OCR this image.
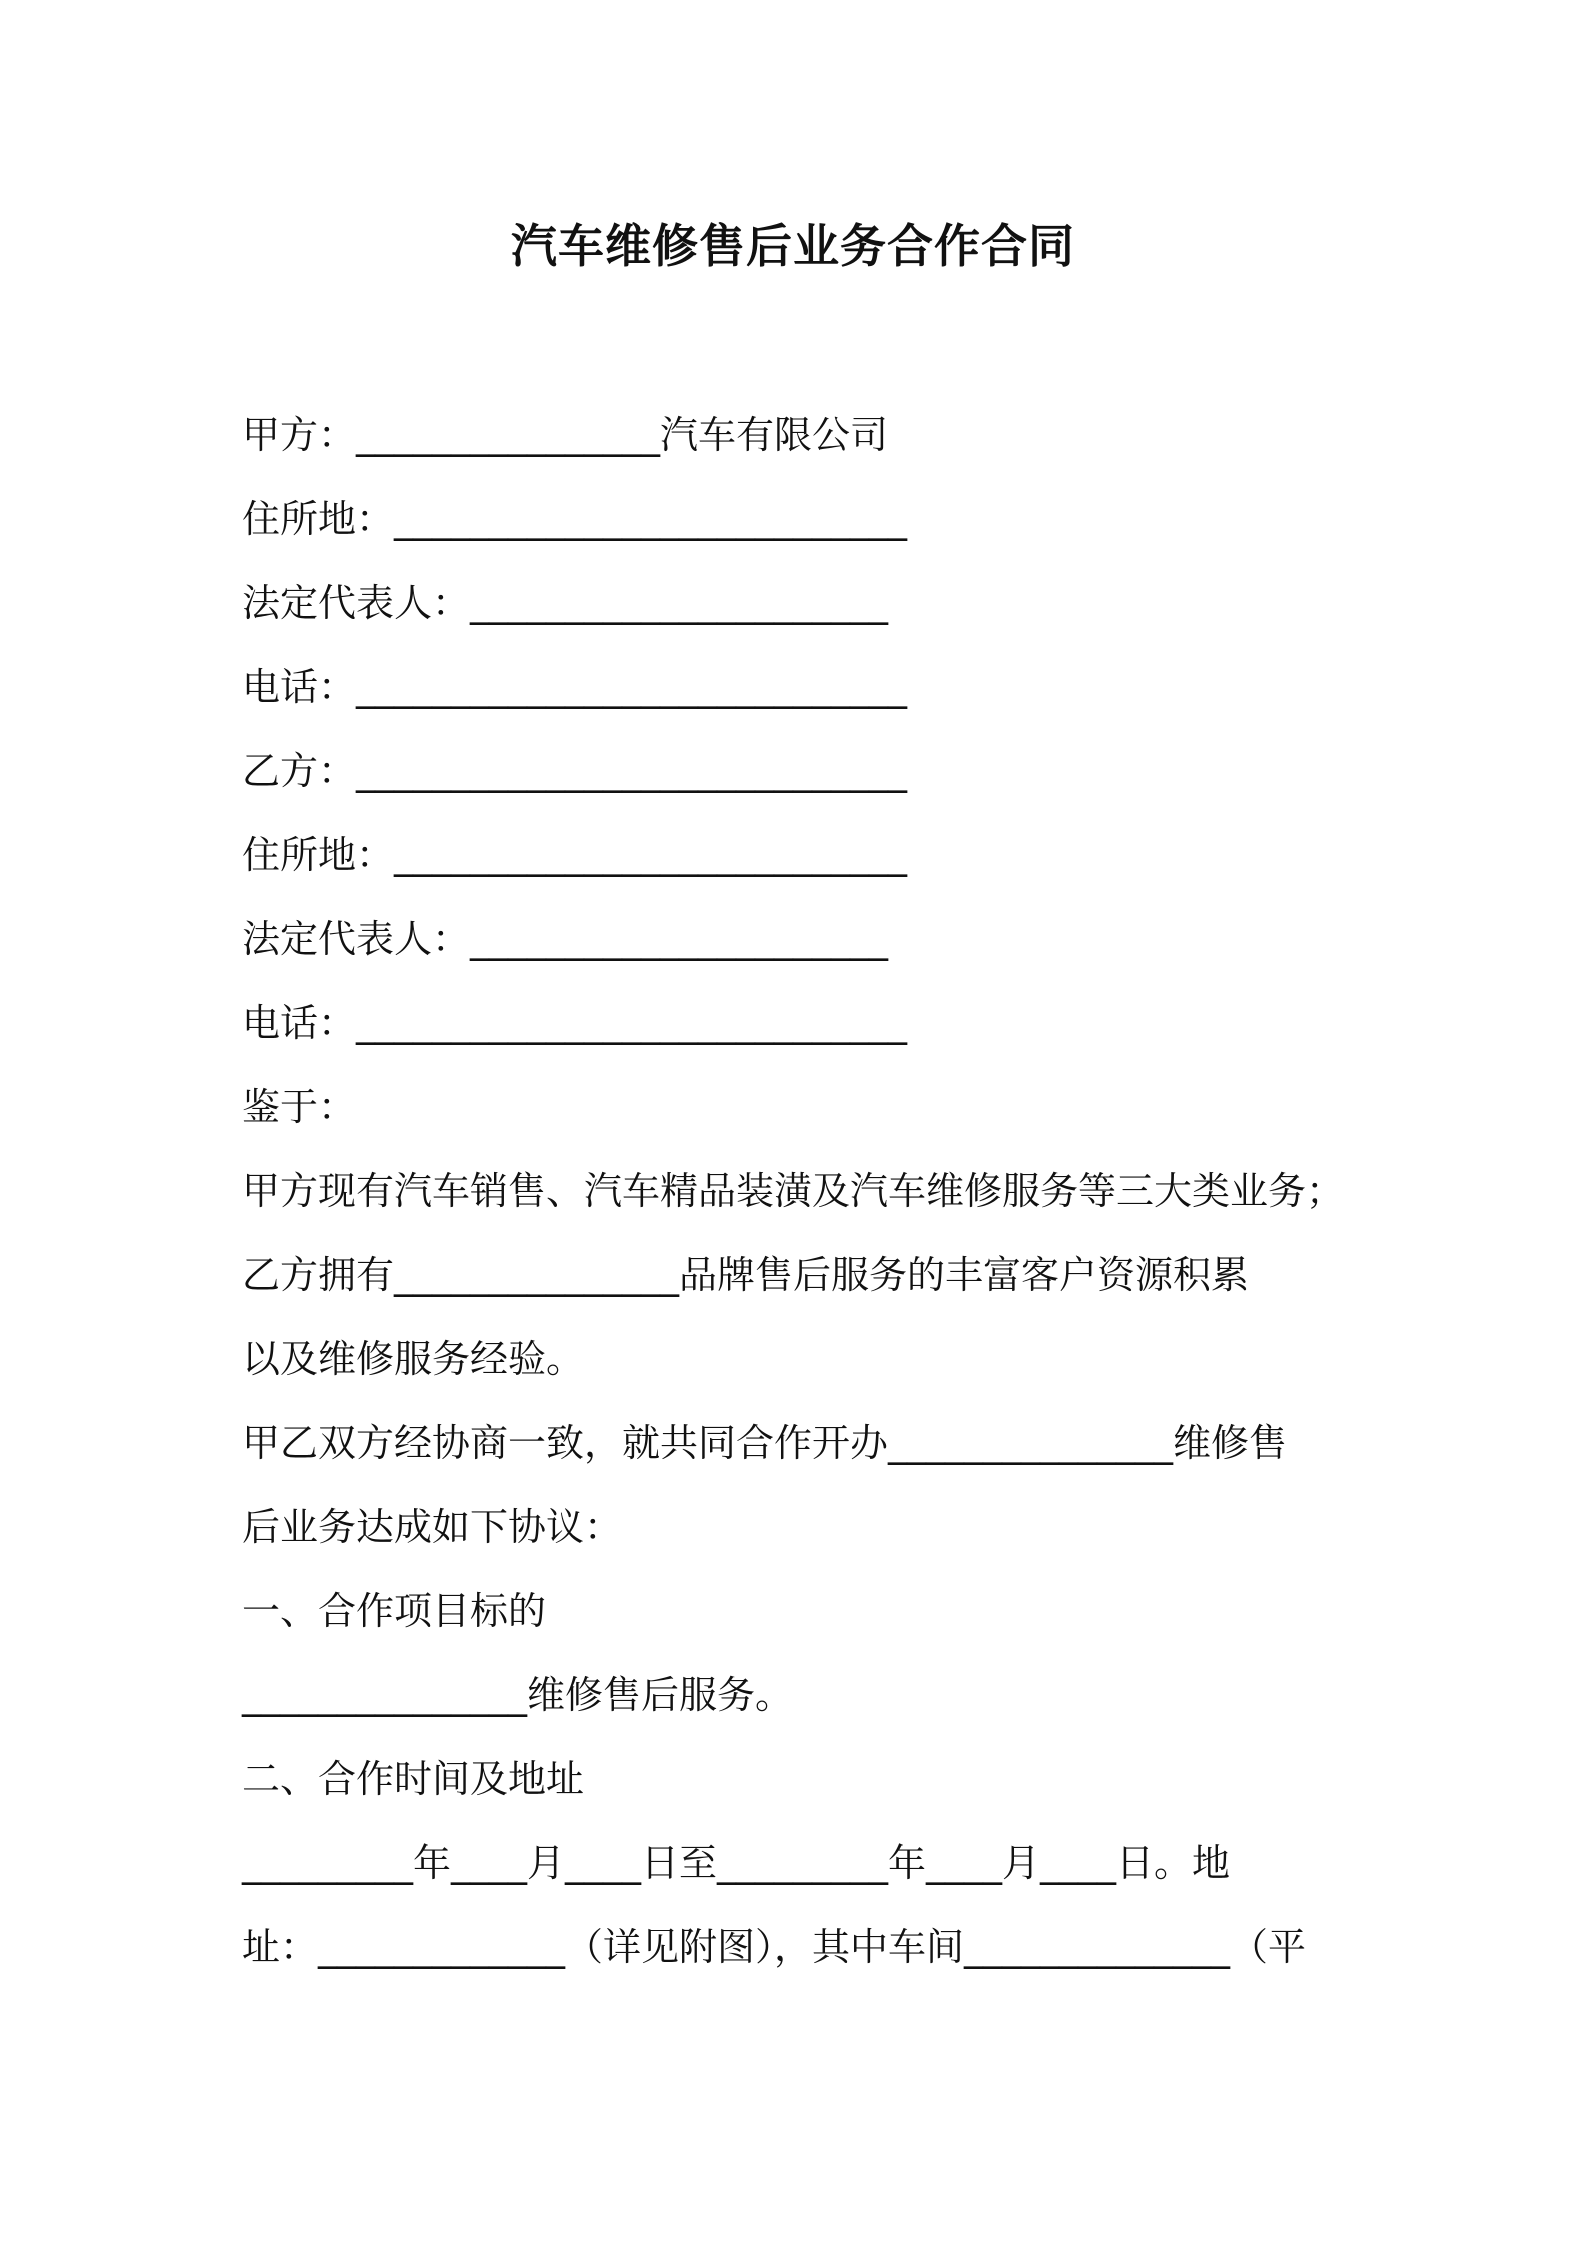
汽车维修售后业务合作合同
甲方：________________汽车有限公司
住所地：___________________________
法定代表人：______________________
电话：_____________________________
乙方：_____________________________
住所地：___________________________
法定代表人：______________________
电话：_____________________________
鉴于：
甲方现有汽车销售、汽车精品装潢及汽车维修服务等三大类业务；
乙方拥有_______________品牌售后服务的丰富客户资源积累
以及维修服务经验。
甲乙双方经协商一致，就共同合作开办_______________维修售
后业务达成如下协议：
一、合作项目标的
_______________维修售后服务。
二、合作时间及地址
_________年____月____日至_________年____月____日。地
址：_____________（详见附图），其中车间______________（平
